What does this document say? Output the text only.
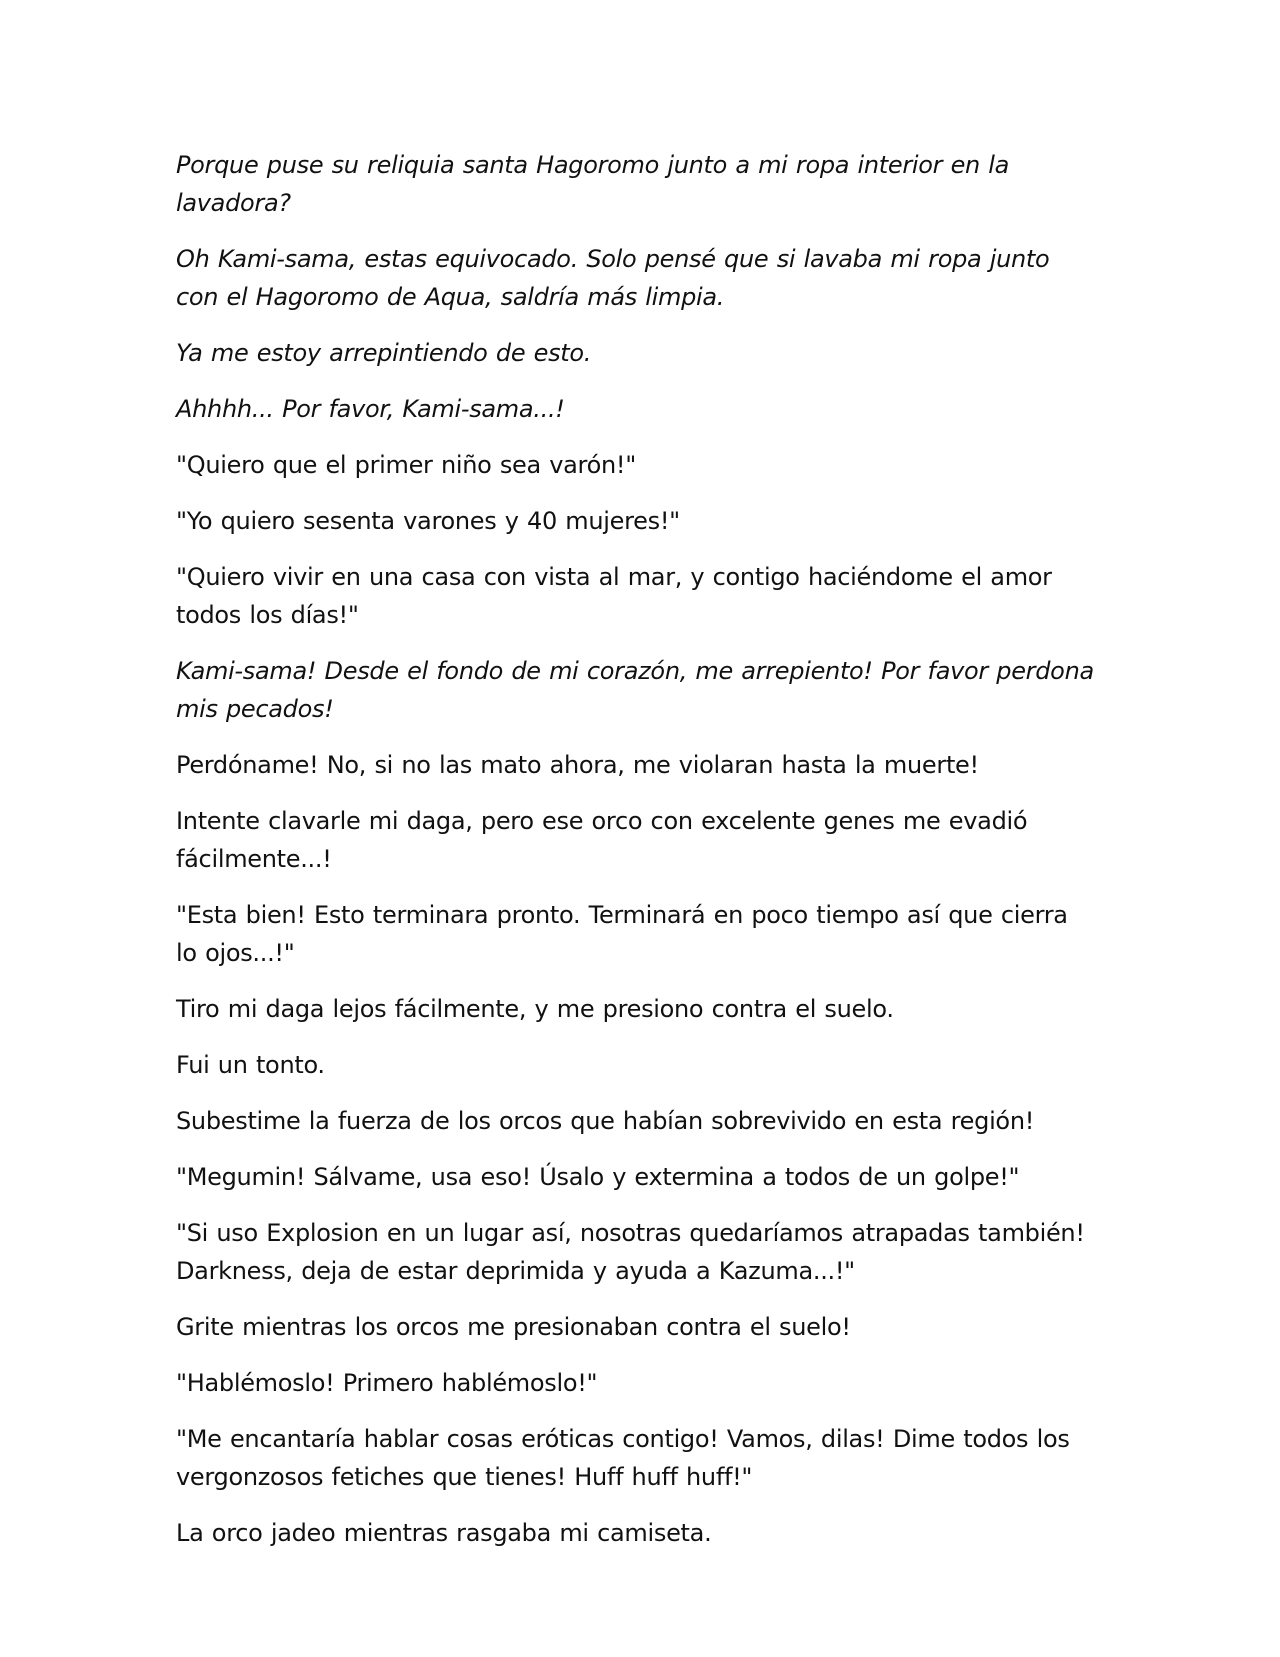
Porque puse su reliquia santa Hagoromo junto a mi ropa interior en la lavadora?

Oh Kami-sama, estas equivocado. Solo pensé que si lavaba mi ropa junto con el Hagoromo de Aqua, saldría más limpia.

Ya me estoy arrepintiendo de esto.

Ahhhh... Por favor, Kami-sama...!

"Quiero que el primer niño sea varón!"

"Yo quiero sesenta varones y 40 mujeres!"

"Quiero vivir en una casa con vista al mar, y contigo haciéndome el amor todos los días!"

Kami-sama! Desde el fondo de mi corazón, me arrepiento! Por favor perdona mis pecados!

Perdóname! No, si no las mato ahora, me violaran hasta la muerte!

Intente clavarle mi daga, pero ese orco con excelente genes me evadió fácilmente...!

"Esta bien! Esto terminara pronto. Terminará en poco tiempo así que cierra lo ojos...!"

Tiro mi daga lejos fácilmente, y me presiono contra el suelo.

Fui un tonto.

Subestime la fuerza de los orcos que habían sobrevivido en esta región!

"Megumin! Sálvame, usa eso! Úsalo y extermina a todos de un golpe!"

"Si uso Explosion en un lugar así, nosotras quedaríamos atrapadas también! Darkness, deja de estar deprimida y ayuda a Kazuma...!"

Grite mientras los orcos me presionaban contra el suelo!

"Hablémoslo! Primero hablémoslo!"

"Me encantaría hablar cosas eróticas contigo! Vamos, dilas! Dime todos los vergonzosos fetiches que tienes! Huff huff huff!"

La orco jadeo mientras rasgaba mi camiseta.
